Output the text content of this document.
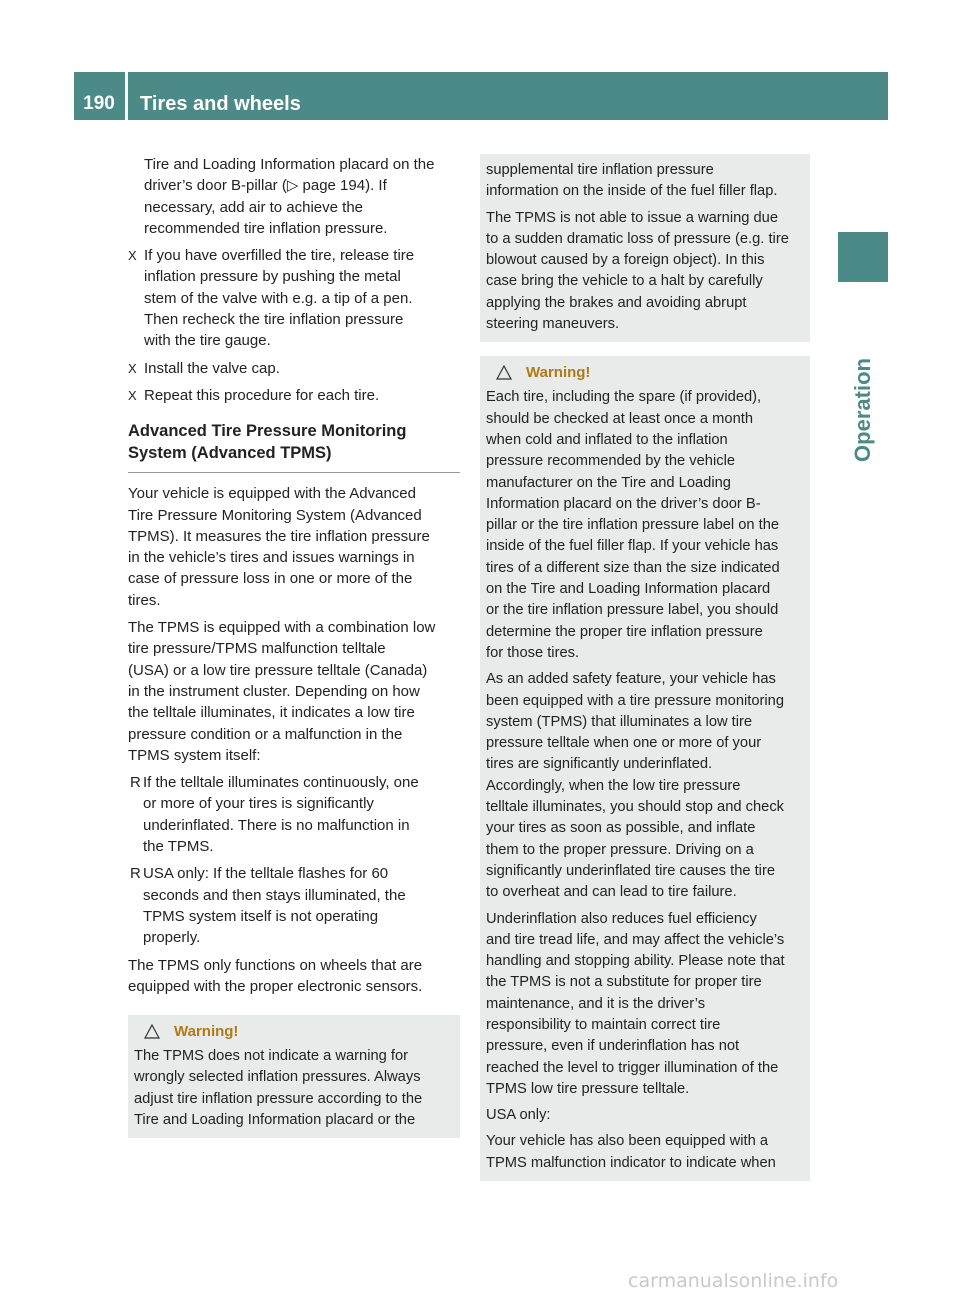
190	Tires and wheels
Operation

Tire and Loading Information placard on the
driver’s door B-pillar (▷ page 194). If
necessary, add air to achieve the
recommended tire inflation pressure.

X If you have overfilled the tire, release tire
inflation pressure by pushing the metal
stem of the valve with e.g. a tip of a pen.
Then recheck the tire inflation pressure
with the tire gauge.

X Install the valve cap.

X Repeat this procedure for each tire.

Advanced Tire Pressure Monitoring
System (Advanced TPMS)

Your vehicle is equipped with the Advanced
Tire Pressure Monitoring System (Advanced
TPMS). It measures the tire inflation pressure
in the vehicle’s tires and issues warnings in
case of pressure loss in one or more of the
tires.

The TPMS is equipped with a combination low
tire pressure/TPMS malfunction telltale
(USA) or a low tire pressure telltale (Canada)
in the instrument cluster. Depending on how
the telltale illuminates, it indicates a low tire
pressure condition or a malfunction in the
TPMS system itself:

R If the telltale illuminates continuously, one
or more of your tires is significantly
underinflated. There is no malfunction in
the TPMS.

R USA only: If the telltale flashes for 60
seconds and then stays illuminated, the
TPMS system itself is not operating
properly.

The TPMS only functions on wheels that are
equipped with the proper electronic sensors.

Warning!

The TPMS does not indicate a warning for
wrongly selected inflation pressures. Always
adjust tire inflation pressure according to the
Tire and Loading Information placard or the

supplemental tire inflation pressure
information on the inside of the fuel filler flap.

The TPMS is not able to issue a warning due
to a sudden dramatic loss of pressure (e.g. tire
blowout caused by a foreign object). In this
case bring the vehicle to a halt by carefully
applying the brakes and avoiding abrupt
steering maneuvers.

Warning!

Each tire, including the spare (if provided),
should be checked at least once a month
when cold and inflated to the inflation
pressure recommended by the vehicle
manufacturer on the Tire and Loading
Information placard on the driver’s door B-
pillar or the tire inflation pressure label on the
inside of the fuel filler flap. If your vehicle has
tires of a different size than the size indicated
on the Tire and Loading Information placard
or the tire inflation pressure label, you should
determine the proper tire inflation pressure
for those tires.

As an added safety feature, your vehicle has
been equipped with a tire pressure monitoring
system (TPMS) that illuminates a low tire
pressure telltale when one or more of your
tires are significantly underinflated.
Accordingly, when the low tire pressure
telltale illuminates, you should stop and check
your tires as soon as possible, and inflate
them to the proper pressure. Driving on a
significantly underinflated tire causes the tire
to overheat and can lead to tire failure.

Underinflation also reduces fuel efficiency
and tire tread life, and may affect the vehicle’s
handling and stopping ability. Please note that
the TPMS is not a substitute for proper tire
maintenance, and it is the driver’s
responsibility to maintain correct tire
pressure, even if underinflation has not
reached the level to trigger illumination of the
TPMS low tire pressure telltale.

USA only:

Your vehicle has also been equipped with a
TPMS malfunction indicator to indicate when

carmanualsonline.info
